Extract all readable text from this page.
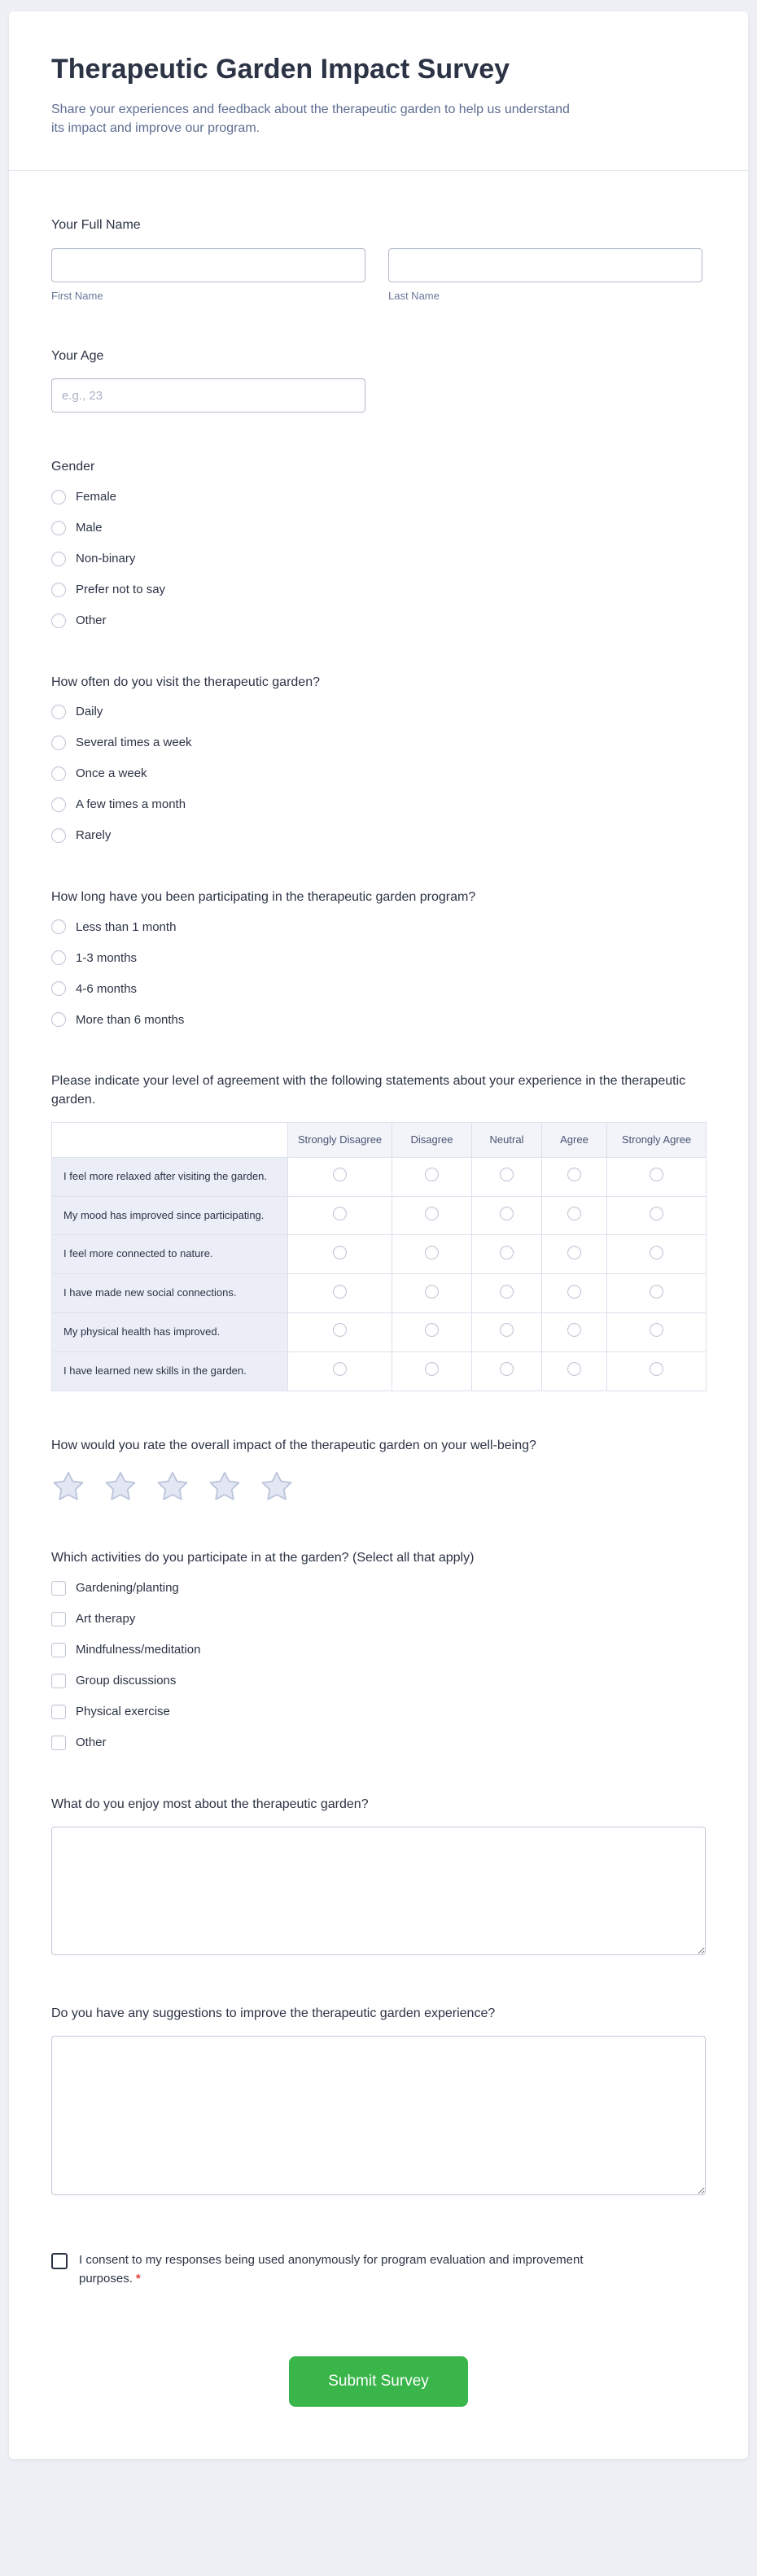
Therapeutic Garden Impact Survey
Share your experiences and feedback about the therapeutic garden to help us understand its impact and improve our program.
Your Full Name
First Name	Last Name
Your Age
e.g., 23
Gender
Female
Male
Non-binary
Prefer not to say
Other
How often do you visit the therapeutic garden?
Daily
Several times a week
Once a week
A few times a month
Rarely
How long have you been participating in the therapeutic garden program?
Less than 1 month
1-3 months
4-6 months
More than 6 months
Please indicate your level of agreement with the following statements about your experience in the therapeutic garden.
	Strongly Disagree	Disagree	Neutral	Agree	Strongly Agree
I feel more relaxed after visiting the garden.					
My mood has improved since participating.					
I feel more connected to nature.					
I have made new social connections.					
My physical health has improved.					
I have learned new skills in the garden.					
How would you rate the overall impact of the therapeutic garden on your well-being?
Which activities do you participate in at the garden? (Select all that apply)
Gardening/planting
Art therapy
Mindfulness/meditation
Group discussions
Physical exercise
Other
What do you enjoy most about the therapeutic garden?
Do you have any suggestions to improve the therapeutic garden experience?
I consent to my responses being used anonymously for program evaluation and improvement purposes. *
Submit Survey
